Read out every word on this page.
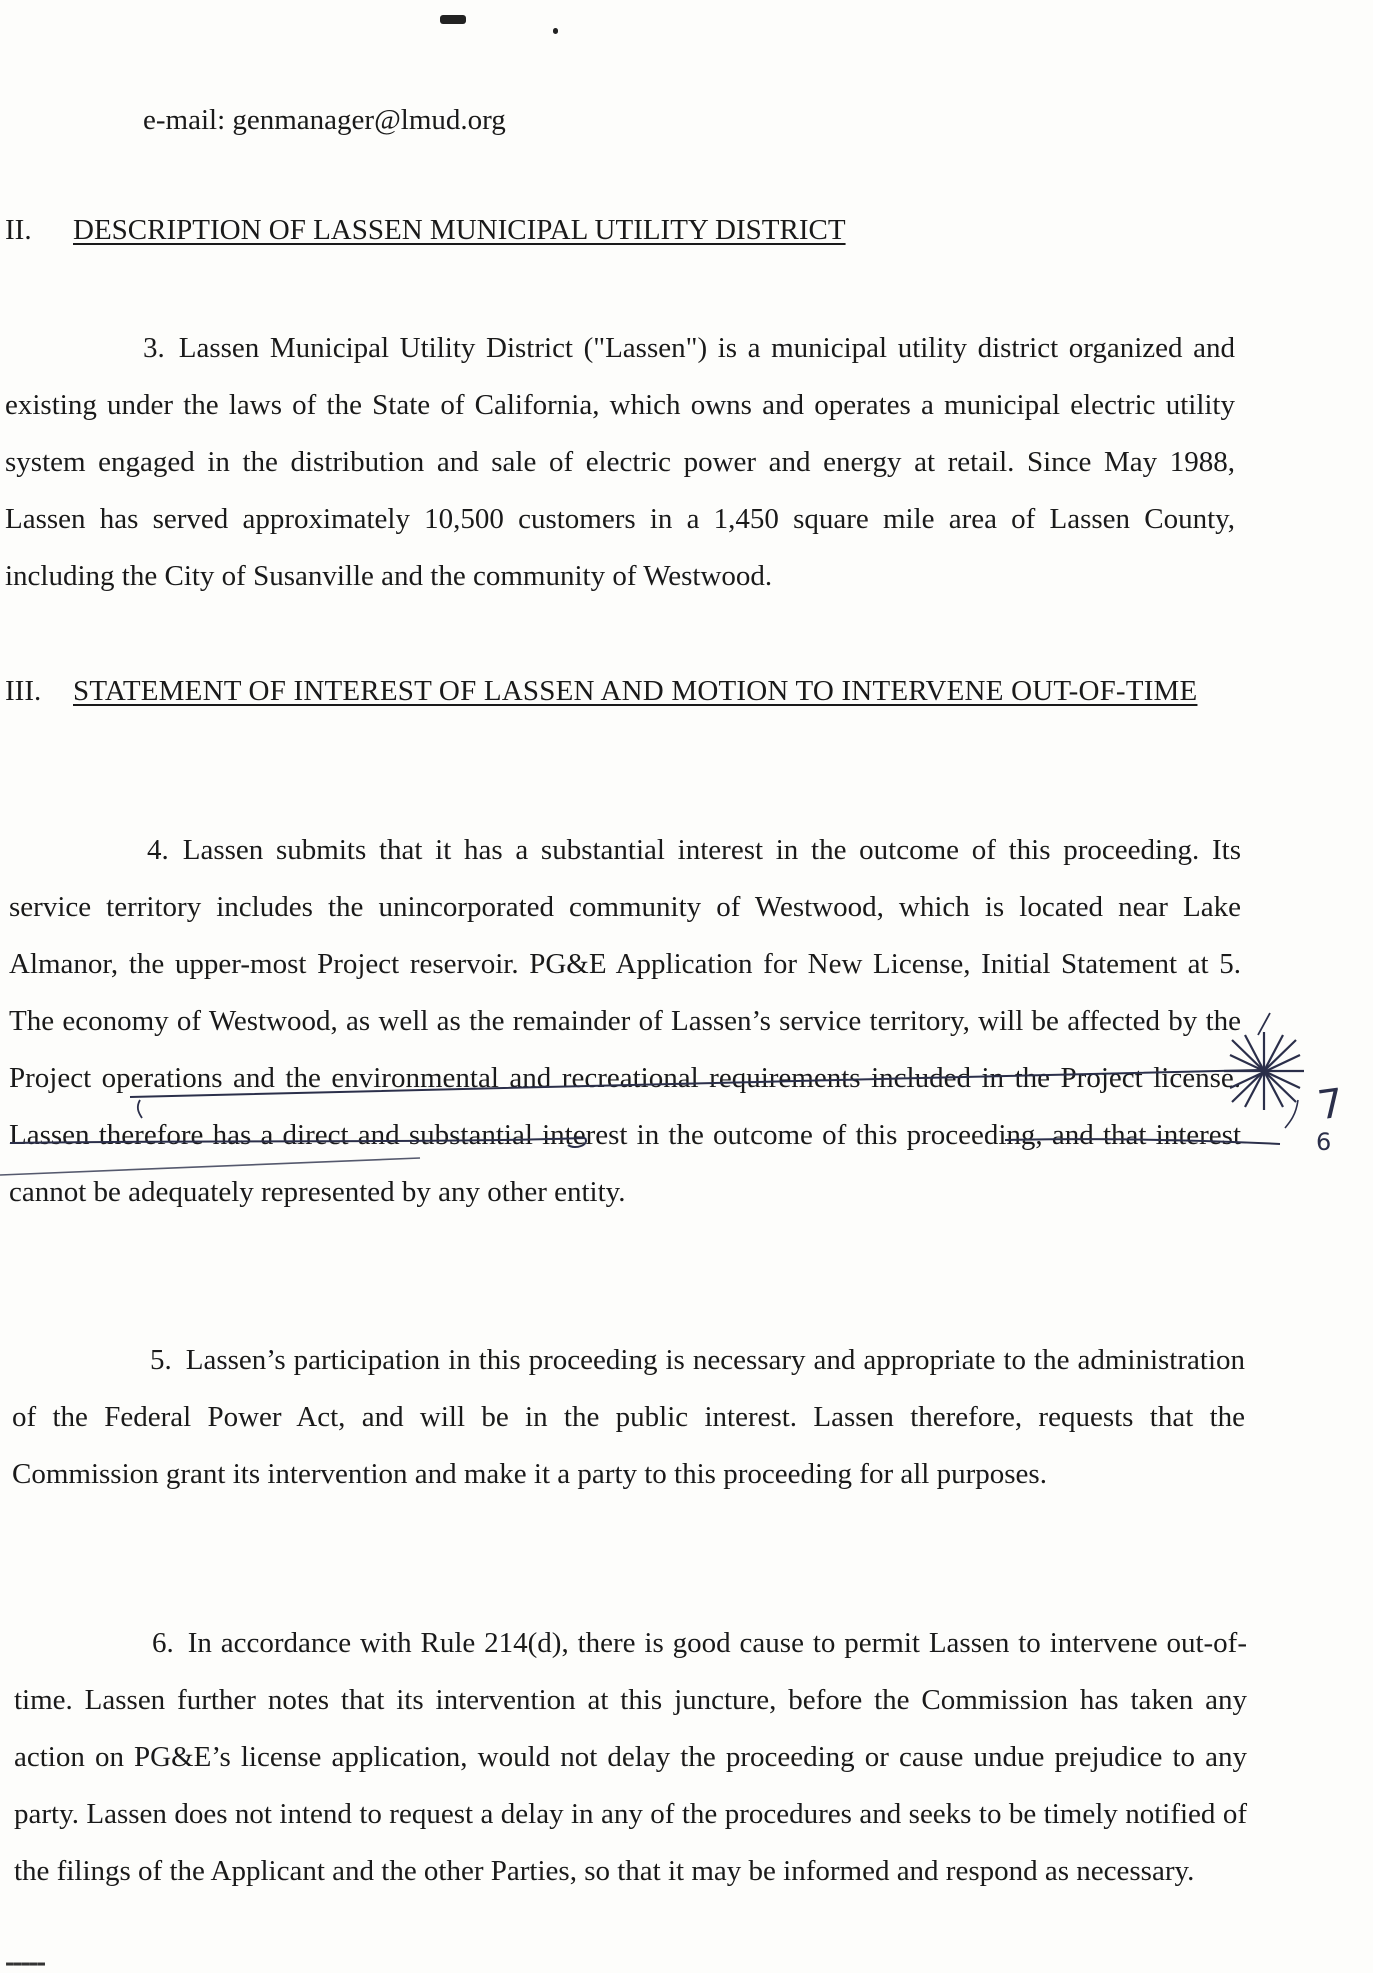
e-mail: genmanager@lmud.org
II.	DESCRIPTION OF LASSEN MUNICIPAL UTILITY DISTRICT

3. Lassen Municipal Utility District ("Lassen") is a municipal utility district organized and existing under the laws of the State of California, which owns and operates a municipal electric utility system engaged in the distribution and sale of electric power and energy at retail. Since May 1988, Lassen has served approximately 10,500 customers in a 1,450 square mile area of Lassen County, including the City of Susanville and the community of Westwood.

III.	STATEMENT OF INTEREST OF LASSEN AND MOTION TO INTERVENE OUT-OF-TIME

4. Lassen submits that it has a substantial interest in the outcome of this proceeding. Its service territory includes the unincorporated community of Westwood, which is located near Lake Almanor, the upper-most Project reservoir. PG&E Application for New License, Initial Statement at 5. The economy of Westwood, as well as the remainder of Lassen’s service territory, will be affected by the Project operations and the environmental and recreational requirements included in the Project license. Lassen therefore has a direct and substantial interest in the outcome of this proceeding, and that interest cannot be adequately represented by any other entity.

5. Lassen’s participation in this proceeding is necessary and appropriate to the administration of the Federal Power Act, and will be in the public interest. Lassen therefore, requests that the Commission grant its intervention and make it a party to this proceeding for all purposes.

6. In accordance with Rule 214(d), there is good cause to permit Lassen to intervene out-of-time. Lassen further notes that its intervention at this juncture, before the Commission has taken any action on PG&E’s license application, would not delay the proceeding or cause undue prejudice to any party. Lassen does not intend to request a delay in any of the procedures and seeks to be timely notified of the filings of the Applicant and the other Parties, so that it may be informed and respond as necessary.

7
6
▬▬▬▬▬
